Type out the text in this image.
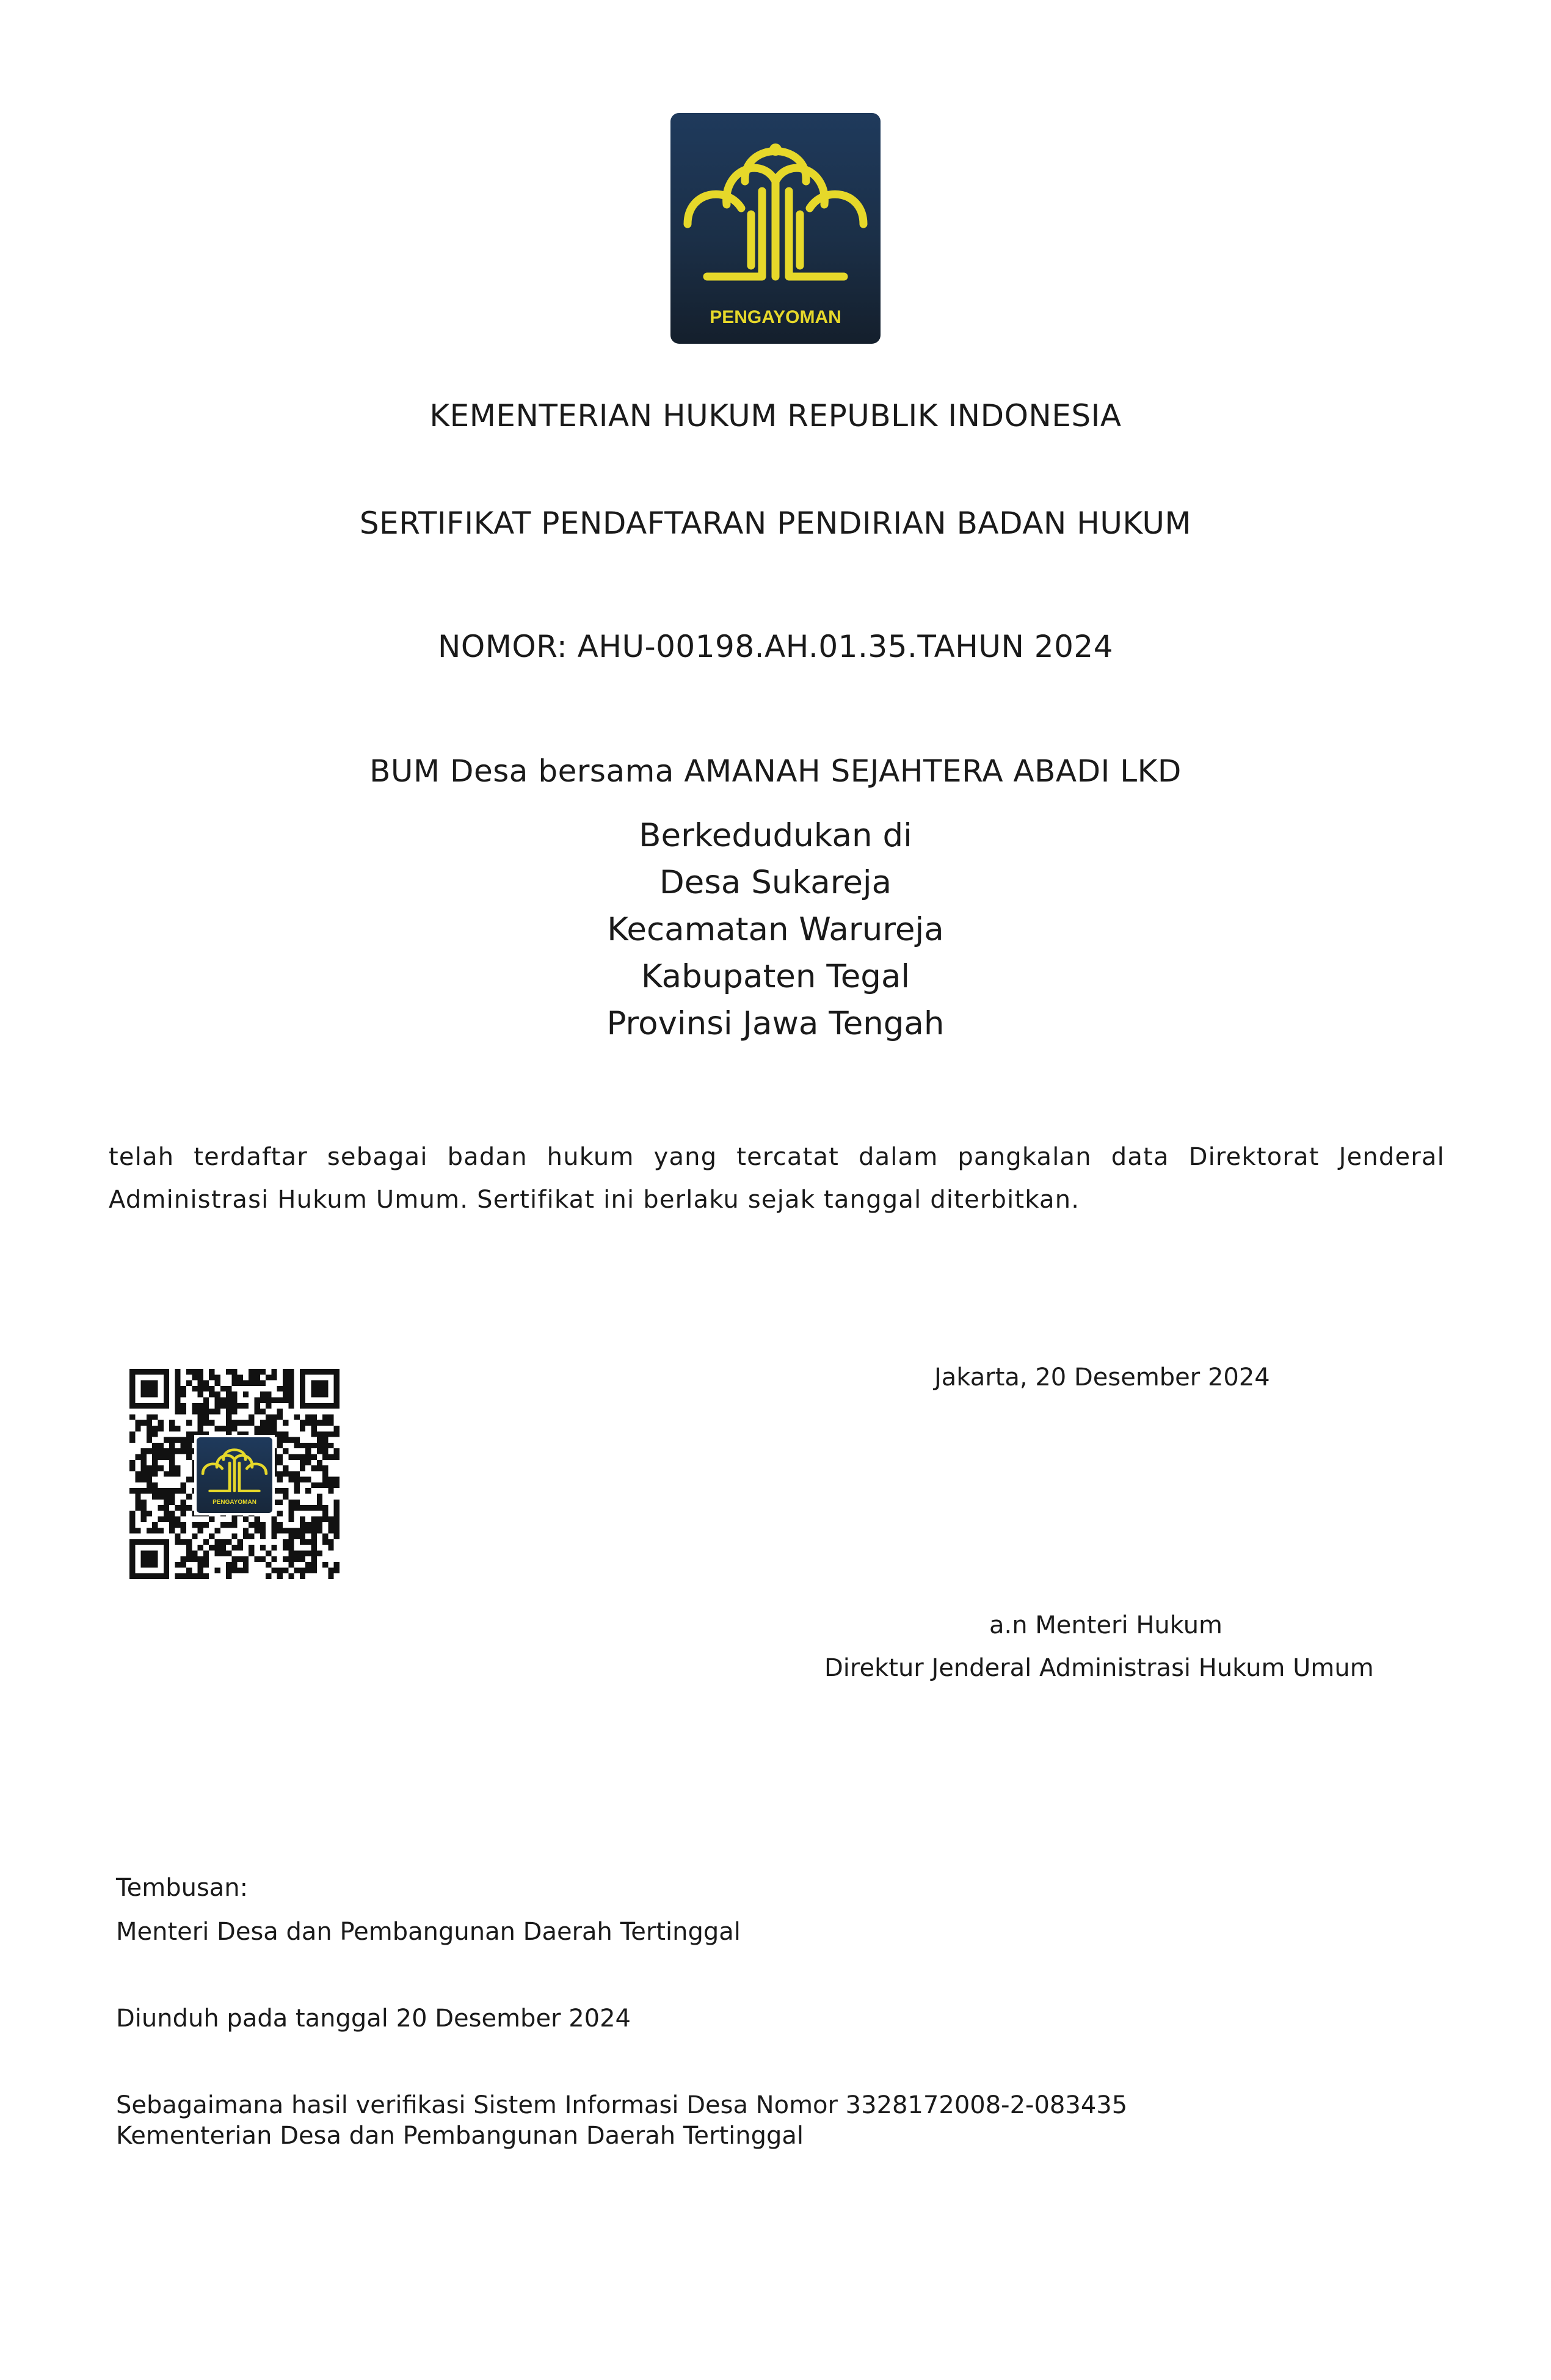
PENGAYOMAN
KEMENTERIAN HUKUM REPUBLIK INDONESIA
SERTIFIKAT PENDAFTARAN PENDIRIAN BADAN HUKUM
NOMOR: AHU-00198.AH.01.35.TAHUN 2024
BUM Desa bersama AMANAH SEJAHTERA ABADI LKD
Berkedudukan di
Desa Sukareja
Kecamatan Warureja
Kabupaten Tegal
Provinsi Jawa Tengah
telah terdaftar sebagai badan hukum yang tercatat dalam pangkalan data Direktorat Jenderal Administrasi Hukum Umum. Sertifikat ini berlaku sejak tanggal diterbitkan.
PENGAYOMAN
Jakarta, 20 Desember 2024
a.n Menteri Hukum
Direktur Jenderal Administrasi Hukum Umum
Tembusan:
Menteri Desa dan Pembangunan Daerah Tertinggal
Diunduh pada tanggal 20 Desember 2024
Sebagaimana hasil verifikasi Sistem Informasi Desa Nomor 3328172008-2-083435
Kementerian Desa dan Pembangunan Daerah Tertinggal
